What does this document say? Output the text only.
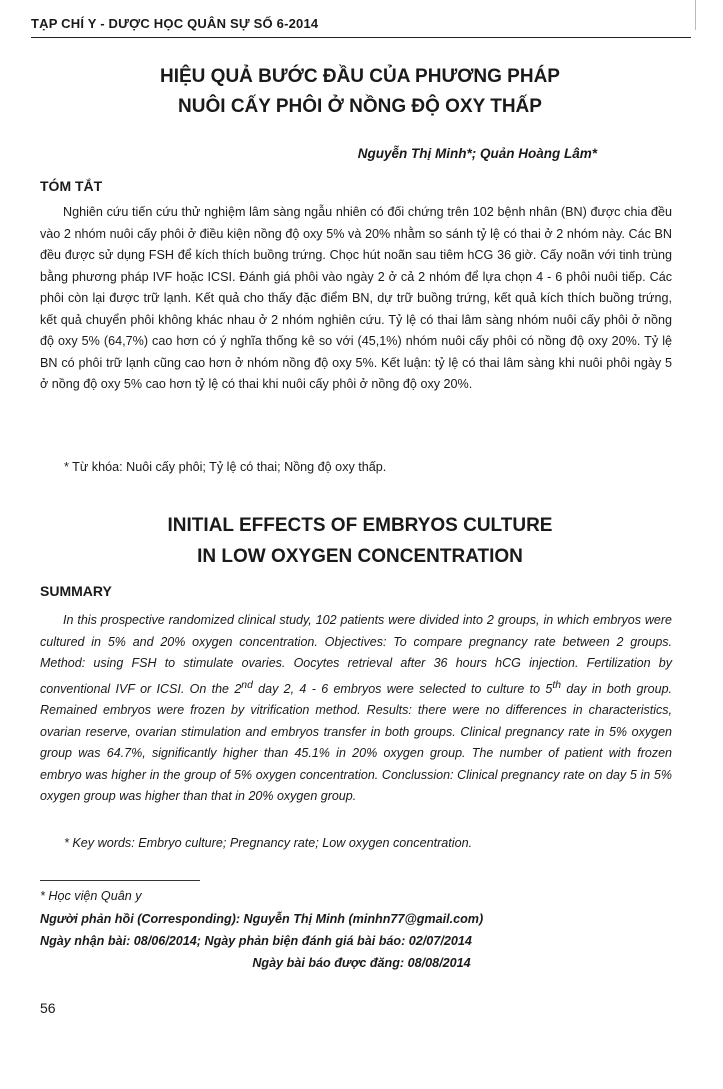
TẠP CHÍ Y - DƯỢC HỌC QUÂN SỰ SỐ 6-2014
HIỆU QUẢ BƯỚC ĐẦU CỦA PHƯƠNG PHÁP
NUÔI CẤY PHÔI Ở NỒNG ĐỘ OXY THẤP
Nguyễn Thị Minh*; Quản Hoàng Lâm*
TÓM TẮT

Nghiên cứu tiến cứu thử nghiệm lâm sàng ngẫu nhiên có đối chứng trên 102 bệnh nhân (BN) được chia đều vào 2 nhóm nuôi cấy phôi ở điều kiện nồng độ oxy 5% và 20% nhằm so sánh tỷ lệ có thai ở 2 nhóm này. Các BN đều được sử dụng FSH để kích thích buồng trứng. Chọc hút noãn sau tiêm hCG 36 giờ. Cấy noãn với tinh trùng bằng phương pháp IVF hoặc ICSI. Đánh giá phôi vào ngày 2 ở cả 2 nhóm để lựa chọn 4 - 6 phôi nuôi tiếp. Các phôi còn lại được trữ lạnh. Kết quả cho thấy đặc điểm BN, dự trữ buồng trứng, kết quả kích thích buồng trứng, kết quả chuyển phôi không khác nhau ở 2 nhóm nghiên cứu. Tỷ lệ có thai lâm sàng nhóm nuôi cấy phôi ở nồng độ oxy 5% (64,7%) cao hơn có ý nghĩa thống kê so với (45,1%) nhóm nuôi cấy phôi có nồng độ oxy 20%. Tỷ lệ BN có phôi trữ lạnh cũng cao hơn ở nhóm nồng độ oxy 5%. Kết luận: tỷ lệ có thai lâm sàng khi nuôi phôi ngày 5 ở nồng độ oxy 5% cao hơn tỷ lệ có thai khi nuôi cấy phôi ở nồng độ oxy 20%.

* Từ khóa: Nuôi cấy phôi; Tỷ lệ có thai; Nồng độ oxy thấp.
INITIAL EFFECTS OF EMBRYOS CULTURE
IN LOW OXYGEN CONCENTRATION
SUMMARY

In this prospective randomized clinical study, 102 patients were divided into 2 groups, in which embryos were cultured in 5% and 20% oxygen concentration. Objectives: To compare pregnancy rate between 2 groups. Method: using FSH to stimulate ovaries. Oocytes retrieval after 36 hours hCG injection. Fertilization by conventional IVF or ICSI. On the 2nd day 2, 4 - 6 embryos were selected to culture to 5th day in both group. Remained embryos were frozen by vitrification method. Results: there were no differences in characteristics, ovarian reserve, ovarian stimulation and embryos transfer in both groups. Clinical pregnancy rate in 5% oxygen group was 64.7%, significantly higher than 45.1% in 20% oxygen group. The number of patient with frozen embryo was higher in the group of 5% oxygen concentration. Conclussion: Clinical pregnancy rate on day 5 in 5% oxygen group was higher than that in 20% oxygen group.

* Key words: Embryo culture; Pregnancy rate; Low oxygen concentration.
* Học viện Quân y
Người phản hồi (Corresponding): Nguyễn Thị Minh (minhn77@gmail.com)
Ngày nhận bài: 08/06/2014; Ngày phản biện đánh giá bài báo: 02/07/2014
Ngày bài báo được đăng: 08/08/2014
56
